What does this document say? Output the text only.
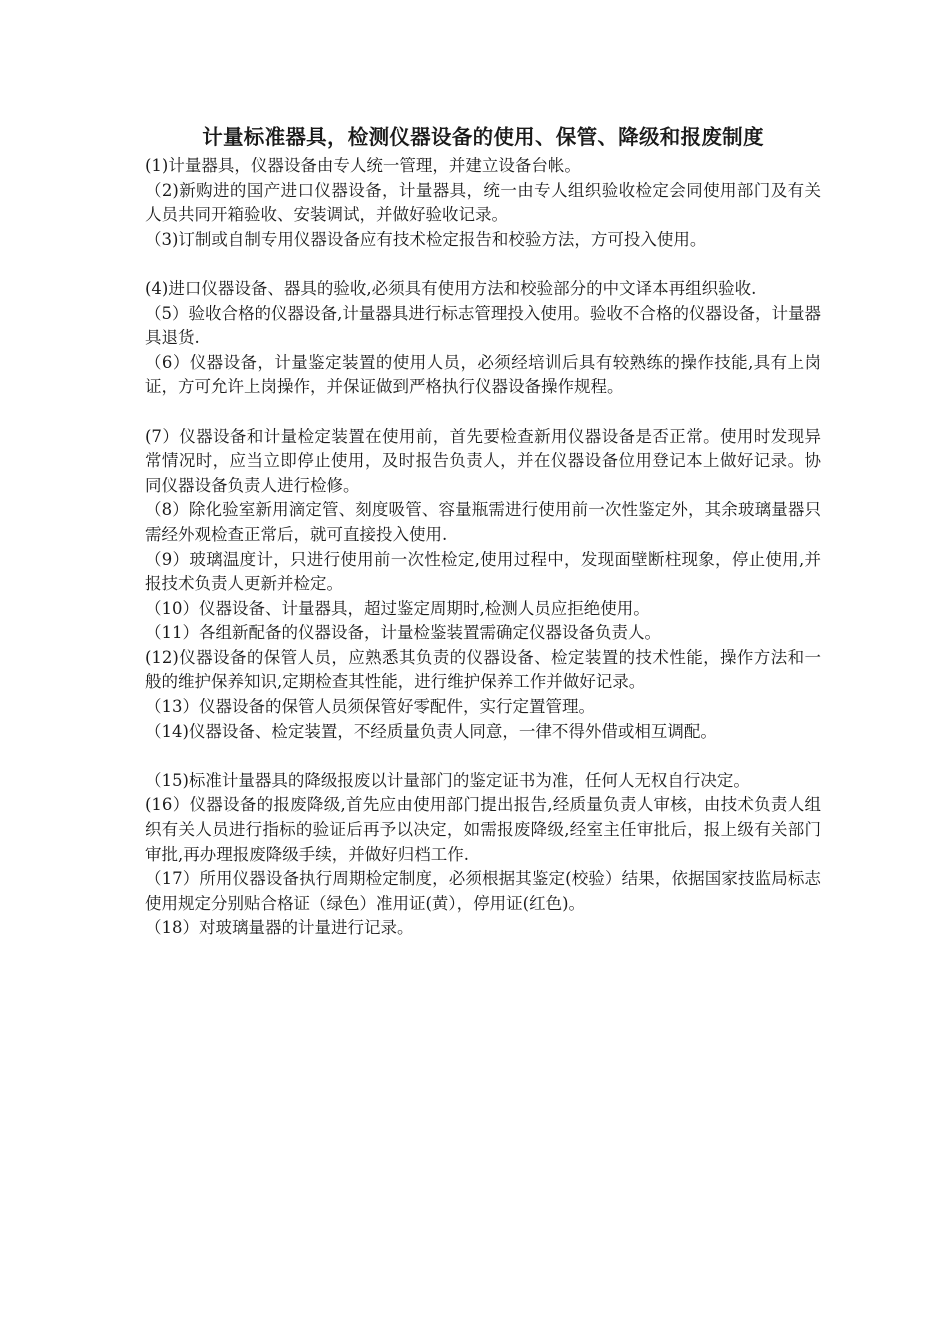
计量标准器具，检测仪器设备的使用、保管、降级和报废制度

(1)计量器具，仪器设备由专人统一管理，并建立设备台帐。

（2)新购进的国产进口仪器设备，计量器具，统一由专人组织验收检定会同使用部门及有关人员共同开箱验收、安装调试，并做好验收记录。

（3)订制或自制专用仪器设备应有技术检定报告和校验方法，方可投入使用。

(4)进口仪器设备、器具的验收,必须具有使用方法和校验部分的中文译本再组织验收.

（5）验收合格的仪器设备,计量器具进行标志管理投入使用。验收不合格的仪器设备，计量器具退货.

（6）仪器设备，计量鉴定装置的使用人员，必须经培训后具有较熟练的操作技能,具有上岗证，方可允许上岗操作，并保证做到严格执行仪器设备操作规程。

(7）仪器设备和计量检定装置在使用前，首先要检查新用仪器设备是否正常。使用时发现异常情况时，应当立即停止使用，及时报告负责人，并在仪器设备位用登记本上做好记录。协同仪器设备负责人进行检修。

（8）除化验室新用滴定管、刻度吸管、容量瓶需进行使用前一次性鉴定外，其余玻璃量器只需经外观检查正常后，就可直接投入使用.

（9）玻璃温度计，只进行使用前一次性检定,使用过程中，发现面壁断柱现象，停止使用,并报技术负责人更新并检定。

（10）仪器设备、计量器具，超过鉴定周期时,检测人员应拒绝使用。

（11）各组新配备的仪器设备，计量检鉴装置需确定仪器设备负责人。

(12)仪器设备的保管人员，应熟悉其负责的仪器设备、检定装置的技术性能，操作方法和一般的维护保养知识,定期检查其性能，进行维护保养工作并做好记录。

（13）仪器设备的保管人员须保管好零配件，实行定置管理。

（14)仪器设备、检定装置，不经质量负责人同意，一律不得外借或相互调配。

（15)标准计量器具的降级报废以计量部门的鉴定证书为准，任何人无权自行决定。

(16）仪器设备的报废降级,首先应由使用部门提出报告,经质量负责人审核，由技术负责人组织有关人员进行指标的验证后再予以决定，如需报废降级,经室主任审批后，报上级有关部门审批,再办理报废降级手续，并做好归档工作.

（17）所用仪器设备执行周期检定制度，必须根据其鉴定(校验）结果，依据国家技监局标志使用规定分别贴合格证（绿色）准用证(黄），停用证(红色)。

（18）对玻璃量器的计量进行记录。
